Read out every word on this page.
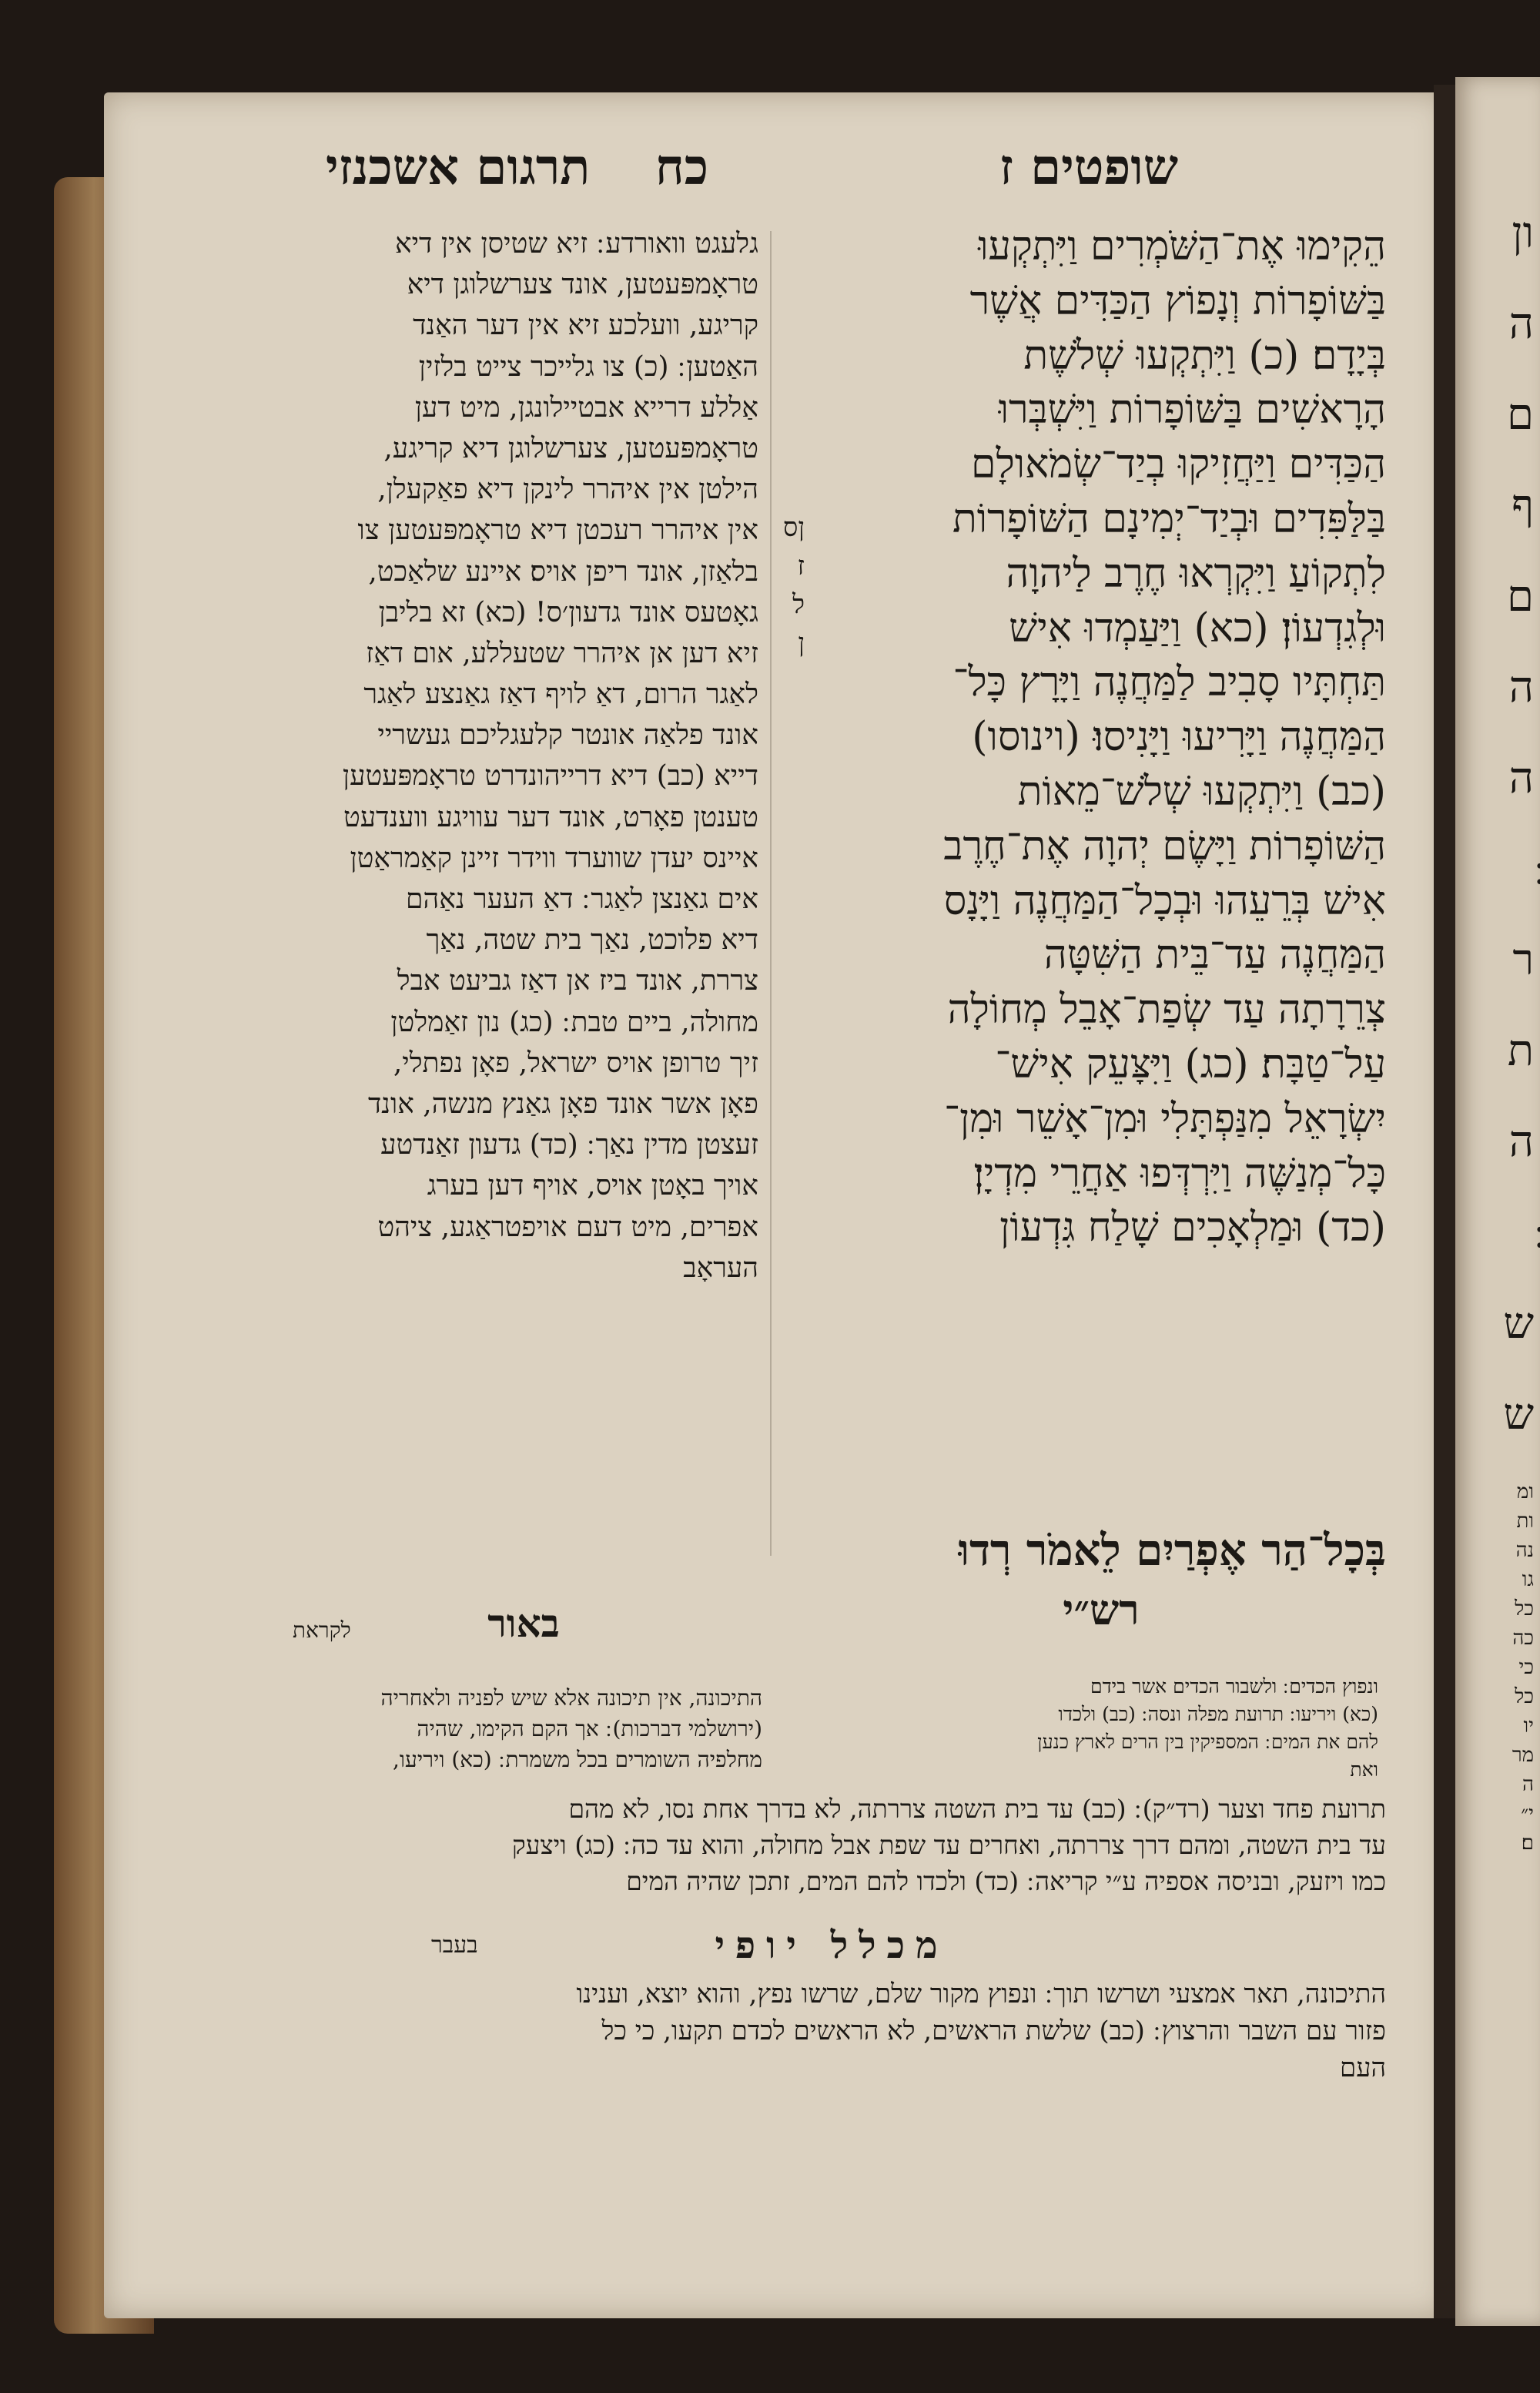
ון
ה
ם
ף
ם
ה
ה
ר
ת
ה
ש
ש
ומ
ות
נה
גו
כל
כה
כי
כל
יו
מר
ה
י״
ם׃
שופטים ז
כח  תרגום אשכנזי
הֵקִימוּ אֶת־הַשֹּׁמְרִים וַיִּתְקְעוּ
בַּשּׁוֹפָרוֹת וְנָפוֹץ הַכַּדִּים אֲשֶׁר
בְּיָדָם׃ (כ) וַיִּתְקְעוּ שְׁלֹשֶׁת
הָרָאשִׁים בַּשּׁוֹפָרוֹת וַיִּשְׁבְּרוּ
הַכַּדִּים וַיַּחֲזִיקוּ בְיַד־שְׂמֹאולָם
בַּלַּפִּדִים וּבְיַד־יְמִינָם הַשּׁוֹפָרוֹת
לִתְקוֹעַ וַיִּקְרְאוּ חֶרֶב לַיהוָה
וּלְגִדְעוֹן׃ (כא) וַיַּעַמְדוּ אִישׁ
תַּחְתָּיו סָבִיב לַמַּחֲנֶה וַיָּרָץ כָּל־
הַמַּחֲנֶה וַיָּרִיעוּ וַיָּנִיסוּ׃ (וינוסו)
(כב) וַיִּתְקְעוּ שְׁלֹשׁ־מֵאוֹת
הַשּׁוֹפָרוֹת וַיָּשֶׂם יְהוָה אֶת־חֶרֶב
אִישׁ בְּרֵעֵהוּ וּבְכָל־הַמַּחֲנֶה וַיָּנָס
הַמַּחֲנֶה עַד־בֵּית הַשִּׁטָּה
צְרֵרָתָה עַד שְׂפַת־אָבֵל מְחוֹלָה
עַל־טַבָּת׃ (כג) וַיִּצָּעֵק אִישׁ־
יִשְׂרָאֵל מִנַּפְתָּלִי וּמִן־אָשֵׁר וּמִן־
כָּל־מְנַשֶּׁה וַיִּרְדְּפוּ אַחֲרֵי מִדְיָן׃
(כד) וּמַלְאָכִים שָׁלַח גִּדְעוֹן
ןס
ז
ל
ן
גלעגט וואורדע ׃ זיא שטיסן אין דיא
טראָמפּעטען, אונד צערשלוגן דיא
קריגע, וועלכע זיא אין דער האַנד
האַטען ׃ (כ) צו גלייכר צייט בלזין
אַללע דרייא אבטיילונגן, מיט דען
טראָמפּעטען, צערשלוגן דיא קריגע,
הילטן אין איהרר לינקן דיא פאַקעלן,
אין איהרר רעכטן דיא טראָמפּעטען צו
בלאַזן, אונד ריפן אויס׃ איינע שלאַכט,
גאָטעס אונד גדעון׳ס! (כא) זא בליבן
זיא דען אן איהרר שטעללע, אום דאַז
לאַגר הרום, דאַ לויף דאַז גאַנצע לאַגר
אונד פלאַה אונטר קלעגליכם געשריי
דייא (כב) דיא דרייהונדרט טראָמפּעטען
טענטן פאָרט, אונד דער עוויגע ווענדעט
איינס יעדן שווערד ווידר זיינן קאַמראַטן
אים גאַנצן לאַגר ׃ דאַ העער נאַהם
דיא פלוכט, נאַך בית שטה, נאַך
צררת, אונד ביז אן דאַז גביעט אבל
מחולה, ביים טבת ׃ (כג) נון זאַמלטן
זיך טרופן אויס ישראל, פאָן נפתלי,
פאָן אשר אונד פאָן גאַנץ מנשה, אונד
זעצטן מדין נאַך ׃ (כד) גדעון זאַנדטע
אויך באָטן אויס, אויף דען בערג
אפרים, מיט דעם אויפטראַגע, ציהט
העראָב
בְּכָל־הַר אֶפְרַיִם לֵאמֹר רְדוּ
רש״י
באור
לקראת
ונפוץ הכדים ׃ ולשבור הכדים אשר בידם
(כא) ויריעו ׃ תרועת מפלה ונסה ׃ (כב) ולכדו
להם את המים ׃ המספיקין בין הרים לארץ כנען
ואת
התיכונה, אין תיכונה אלא שיש לפניה ולאחריה
(ירושלמי דברכות) ׃ אך הקם הקימו, שהיה
מחלפיה השומרים בכל משמרת ׃ (כא) ויריעו,
תרועת פחד וצער (רד״ק) ׃ (כב) עד בית השטה צררתה, לא בדרך אחת נסו, לא מהם
עד בית השטה, ומהם דרך צררתה, ואחרים עד שפת אבל מחולה, והוא עד כה ׃ (כג) ויצעק
כמו ויזעק, ובניסה אספיה ע״י קריאה ׃ (כד) ולכדו להם המים, זתכן שהיה המים
מכלל יופי
בעבר
התיכונה, תאר אמצעי ושרשו תוך ׃ ונפוץ מקור שלם, שרשו נפץ, והוא יוצא, וענינו
פזור עם השבר והרצוץ ׃ (כב) שלשת הראשים, לא הראשים לכדם תקעו, כי כל
העם
